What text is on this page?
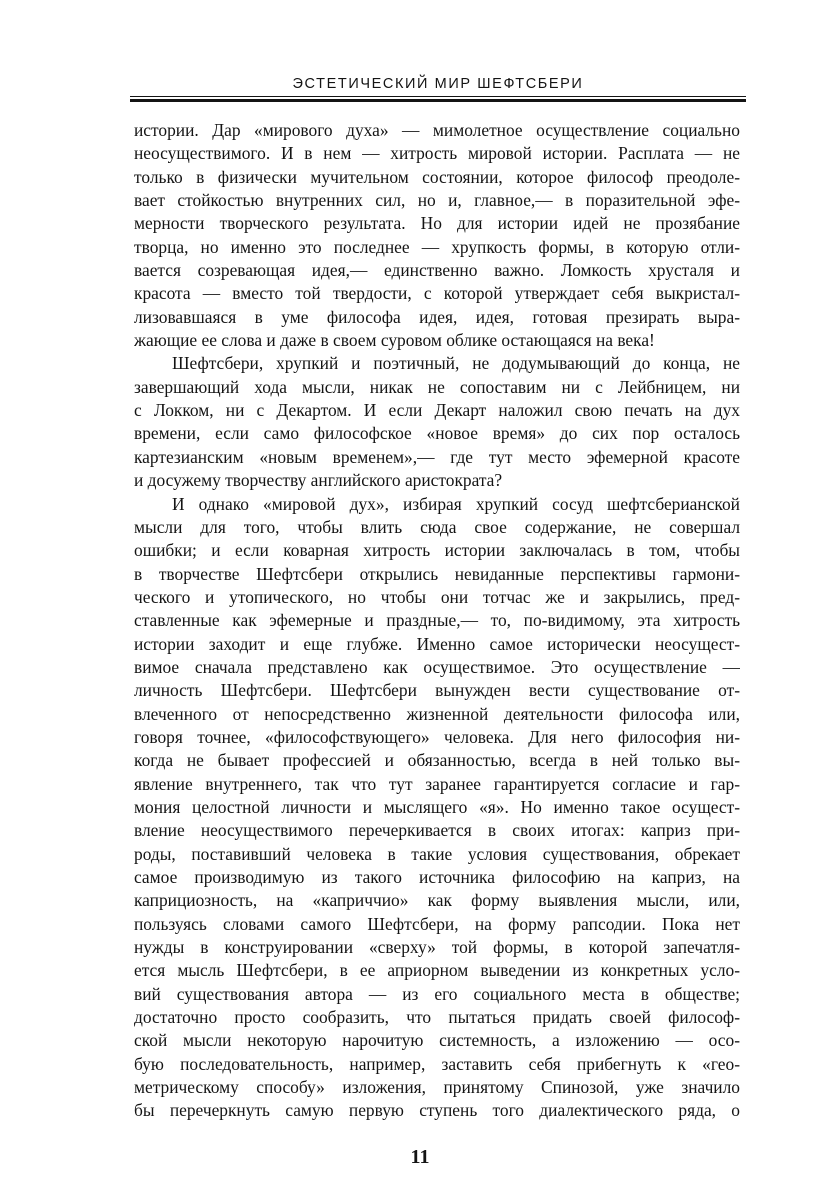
ЭСТЕТИЧЕСКИЙ МИР ШЕФТСБЕРИ
истории. Дар «мирового духа» — мимолетное осуществление социально
неосуществимого. И в нем — хитрость мировой истории. Расплата — не
только в физически мучительном состоянии, которое философ преодоле-
вает стойкостью внутренних сил, но и, главное,— в поразительной эфе-
мерности творческого результата. Но для истории идей не прозябание
творца, но именно это последнее — хрупкость формы, в которую отли-
вается созревающая идея,— единственно важно. Ломкость хрусталя и
красота — вместо той твердости, с которой утверждает себя выкристал-
лизовавшаяся в уме философа идея, идея, готовая презирать выра-
жающие ее слова и даже в своем суровом облике остающаяся на века!
Шефтсбери, хрупкий и поэтичный, не додумывающий до конца, не
завершающий хода мысли, никак не сопоставим ни с Лейбницем, ни
с Локком, ни с Декартом. И если Декарт наложил свою печать на дух
времени, если само философское «новое время» до сих пор осталось
картезианским «новым временем»,— где тут место эфемерной красоте
и досужему творчеству английского аристократа?
И однако «мировой дух», избирая хрупкий сосуд шефтсберианской
мысли для того, чтобы влить сюда свое содержание, не совершал
ошибки; и если коварная хитрость истории заключалась в том, чтобы
в творчестве Шефтсбери открылись невиданные перспективы гармони-
ческого и утопического, но чтобы они тотчас же и закрылись, пред-
ставленные как эфемерные и праздные,— то, по-видимому, эта хитрость
истории заходит и еще глубже. Именно самое исторически неосущест-
вимое сначала представлено как осуществимое. Это осуществление —
личность Шефтсбери. Шефтсбери вынужден вести существование от-
влеченного от непосредственно жизненной деятельности философа или,
говоря точнее, «философствующего» человека. Для него философия ни-
когда не бывает профессией и обязанностью, всегда в ней только вы-
явление внутреннего, так что тут заранее гарантируется согласие и гар-
мония целостной личности и мыслящего «я». Но именно такое осущест-
вление неосуществимого перечеркивается в своих итогах: каприз при-
роды, поставивший человека в такие условия существования, обрекает
самое производимую из такого источника философию на каприз, на
каприциозность, на «каприччио» как форму выявления мысли, или,
пользуясь словами самого Шефтсбери, на форму рапсодии. Пока нет
нужды в конструировании «сверху» той формы, в которой запечатля-
ется мысль Шефтсбери, в ее априорном выведении из конкретных усло-
вий существования автора — из его социального места в обществе;
достаточно просто сообразить, что пытаться придать своей философ-
ской мысли некоторую нарочитую системность, а изложению — осо-
бую последовательность, например, заставить себя прибегнуть к «гео-
метрическому способу» изложения, принятому Спинозой, уже значило
бы перечеркнуть самую первую ступень того диалектического ряда, о
11
